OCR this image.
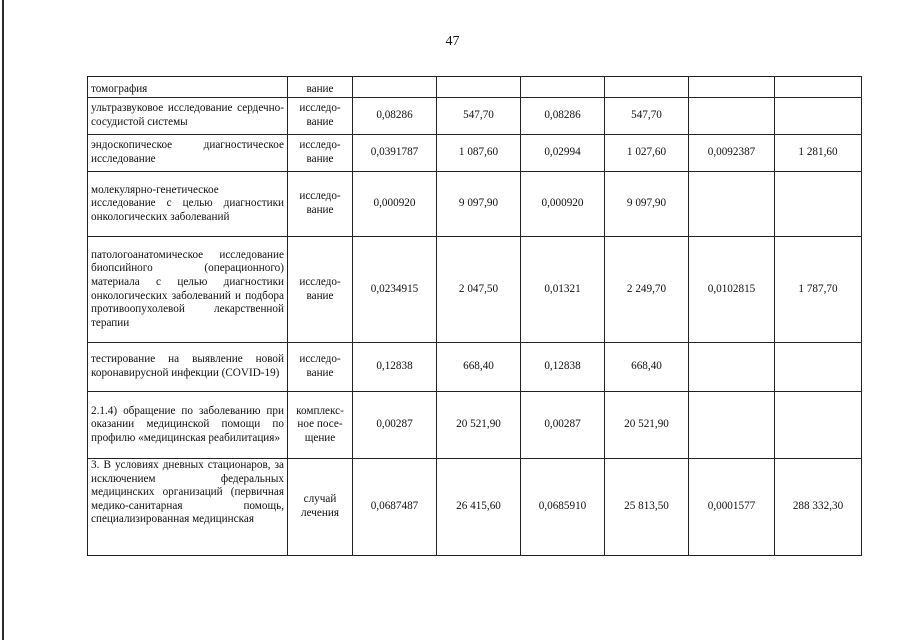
47
томография	вание						
ультразвуковое исследование сердечно-сосудистой системы	исследо-вание	0,08286	547,70	0,08286	547,70		
эндоскопическое диагностическое исследование	исследо-вание	0,0391787	1 087,60	0,02994	1 027,60	0,0092387	1 281,60
молекулярно-генетическое исследование с целью диагностики онкологических заболеваний	исследо-вание	0,000920	9 097,90	0,000920	9 097,90		
патологоанатомическое исследование биопсийного (операционного) материала с целью диагностики онкологических заболеваний и подбора противоопухолевой лекарственной терапии	исследо-вание	0,0234915	2 047,50	0,01321	2 249,70	0,0102815	1 787,70
тестирование на выявление новой коронавирусной инфекции (COVID-19)	исследо-вание	0,12838	668,40	0,12838	668,40		
2.1.4) обращение по заболеванию при оказании медицинской помощи по профилю «медицинская реабилитация»	комплекс-ное посе-щение	0,00287	20 521,90	0,00287	20 521,90		
3. В условиях дневных стационаров, за исключением федеральных медицинских организаций (первичная медико-санитарная помощь, специализированная медицинская	случай лечения	0,0687487	26 415,60	0,0685910	25 813,50	0,0001577	288 332,30
